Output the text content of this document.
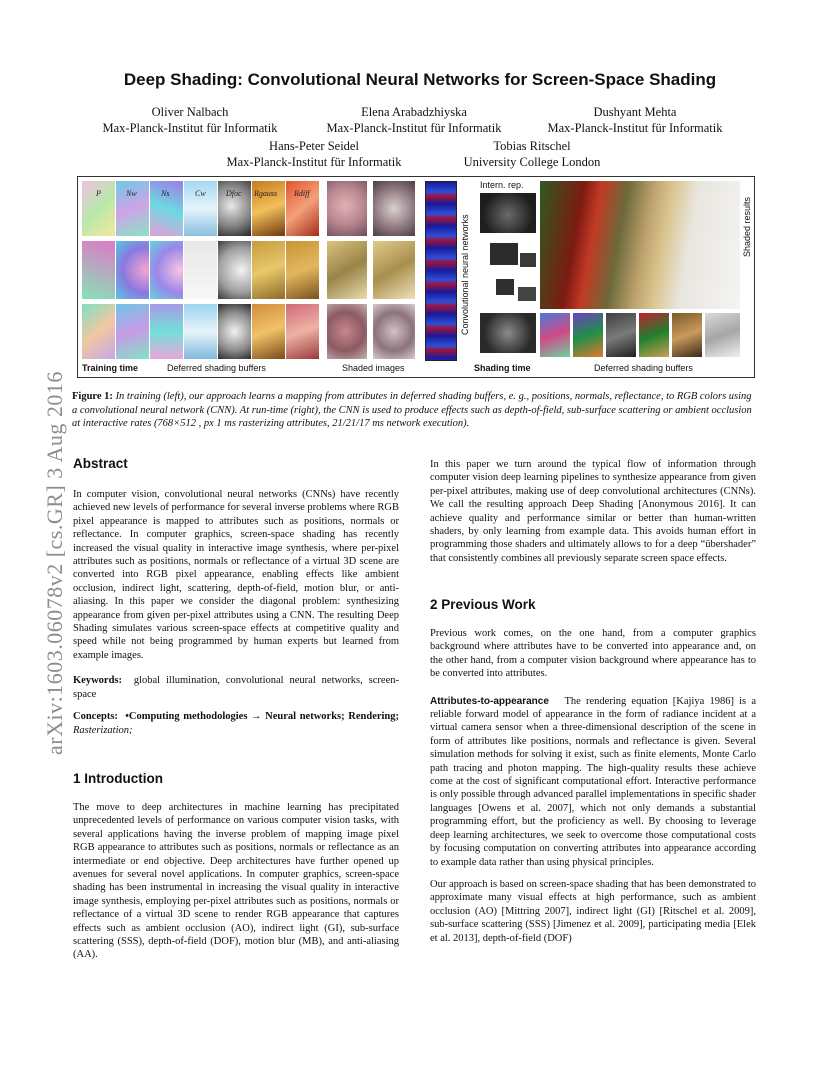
arXiv:1603.06078v2 [cs.GR] 3 Aug 2016
Deep Shading: Convolutional Neural Networks for Screen-Space Shading
Oliver Nalbach
Max-Planck-Institut für Informatik
Elena Arabadzhiyska
Max-Planck-Institut für Informatik
Dushyant Mehta
Max-Planck-Institut für Informatik
Hans-Peter Seidel
Max-Planck-Institut für Informatik
Tobias Ritschel
University College London
P	Nw	Ns	Cw	Dfoc Rgauss Rdiff
Convolutional neural networks
Intern. rep.
Shaded results
Training time	Deferred shading buffers	Shaded images	Shading time	Deferred shading buffers
Figure 1: In training (left), our approach learns a mapping from attributes in deferred shading buffers, e. g., positions, normals, reflectance, to RGB colors using a convolutional neural network (CNN). At run-time (right), the CNN is used to produce effects such as depth-of-field, sub-surface scattering or ambient occlusion at interactive rates (768×512 , px 1 ms rasterizing attributes, 21/21/17 ms network execution).
Abstract

In computer vision, convolutional neural networks (CNNs) have recently achieved new levels of performance for several inverse problems where RGB pixel appearance is mapped to attributes such as positions, normals or reflectance. In computer graphics, screen-space shading has recently increased the visual quality in interactive image synthesis, where per-pixel attributes such as positions, normals or reflectance of a virtual 3D scene are converted into RGB pixel appearance, enabling effects like ambient occlusion, indirect light, scattering, depth-of-field, motion blur, or anti-aliasing. In this paper we consider the diagonal problem: synthesizing appearance from given per-pixel attributes using a CNN. The resulting Deep Shading simulates various screen-space effects at competitive quality and speed while not being programmed by human experts but learned from example images.

Keywords: global illumination, convolutional neural networks, screen-space

Concepts: •Computing methodologies → Neural networks; Rendering; Rasterization;

1 Introduction

The move to deep architectures in machine learning has precipitated unprecedented levels of performance on various computer vision tasks, with several applications having the inverse problem of mapping image pixel RGB appearance to attributes such as positions, normals or reflectance as an intermediate or end objective. Deep architectures have further opened up avenues for several novel applications. In computer graphics, screen-space shading has been instrumental in increasing the visual quality in interactive image synthesis, employing per-pixel attributes such as positions, normals or reflectance of a virtual 3D scene to render RGB appearance that captures effects such as ambient occlusion (AO), indirect light (GI), sub-surface scattering (SSS), depth-of-field (DOF), motion blur (MB), and anti-aliasing (AA).

In this paper we turn around the typical flow of information through computer vision deep learning pipelines to synthesize appearance from given per-pixel attributes, making use of deep convolutional architectures (CNNs). We call the resulting approach Deep Shading [Anonymous 2016]. It can achieve quality and performance similar or better than human-written shaders, by only learning from example data. This avoids human effort in programming those shaders and ultimately allows to for a deep “übershader” that consistently combines all previously separate screen space effects.

2 Previous Work

Previous work comes, on the one hand, from a computer graphics background where attributes have to be converted into appearance and, on the other hand, from a computer vision background where appearance has to be converted into attributes.

Attributes-to-appearance The rendering equation [Kajiya 1986] is a reliable forward model of appearance in the form of radiance incident at a virtual camera sensor when a three-dimensional description of the scene in form of attributes like positions, normals and reflectance is given. Several simulation methods for solving it exist, such as finite elements, Monte Carlo path tracing and photon mapping. The high-quality results these achieve come at the cost of significant computational effort. Interactive performance is only possible through advanced parallel implementations in specific shader languages [Owens et al. 2007], which not only demands a substantial programming effort, but the proficiency as well. By choosing to leverage deep learning architectures, we seek to overcome those computational costs by focusing computation on converting attributes into appearance according to example data rather than using physical principles.

Our approach is based on screen-space shading that has been demonstrated to approximate many visual effects at high performance, such as ambient occlusion (AO) [Mittring 2007], indirect light (GI) [Ritschel et al. 2009], sub-surface scattering (SSS) [Jimenez et al. 2009], participating media [Elek et al. 2013], depth-of-field (DOF)
